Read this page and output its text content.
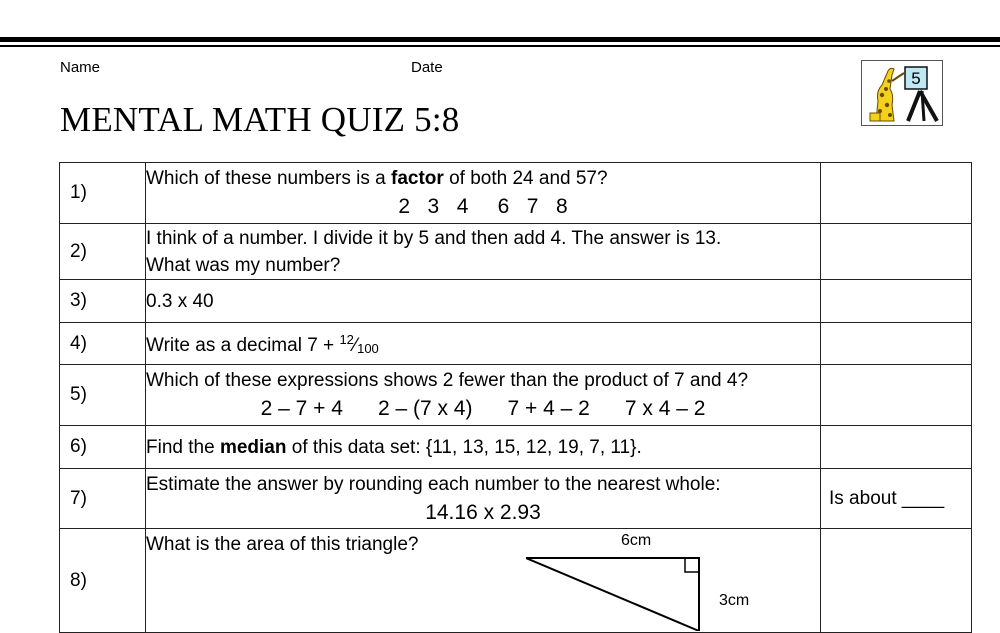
Name	Date
MENTAL MATH QUIZ 5:8
5
1)	Which of these numbers is a factor of both 24 and 57?
2 3 4 6 7 8	

2)	I think of a number. I divide it by 5 and then add 4. The answer is 13.
What was my number?	

3)	0.3 x 40	

4)	Write as a decimal $7 + ^{12}⁄_{100}$

5)	Which of these expressions shows 2 fewer than the product of 7 and 4?
2 – 7 + 4 2 – (7 x 4) 7 + 4 – 2 7 x 4 – 2	

6)	Find the median of this data set: {11, 13, 15, 12, 19, 7, 11}.	

7)	Estimate the answer by rounding each number to the nearest whole:
14.16 x 2.93	Is about ____
8)	What is the area of this triangle? 6cm
3cm	
